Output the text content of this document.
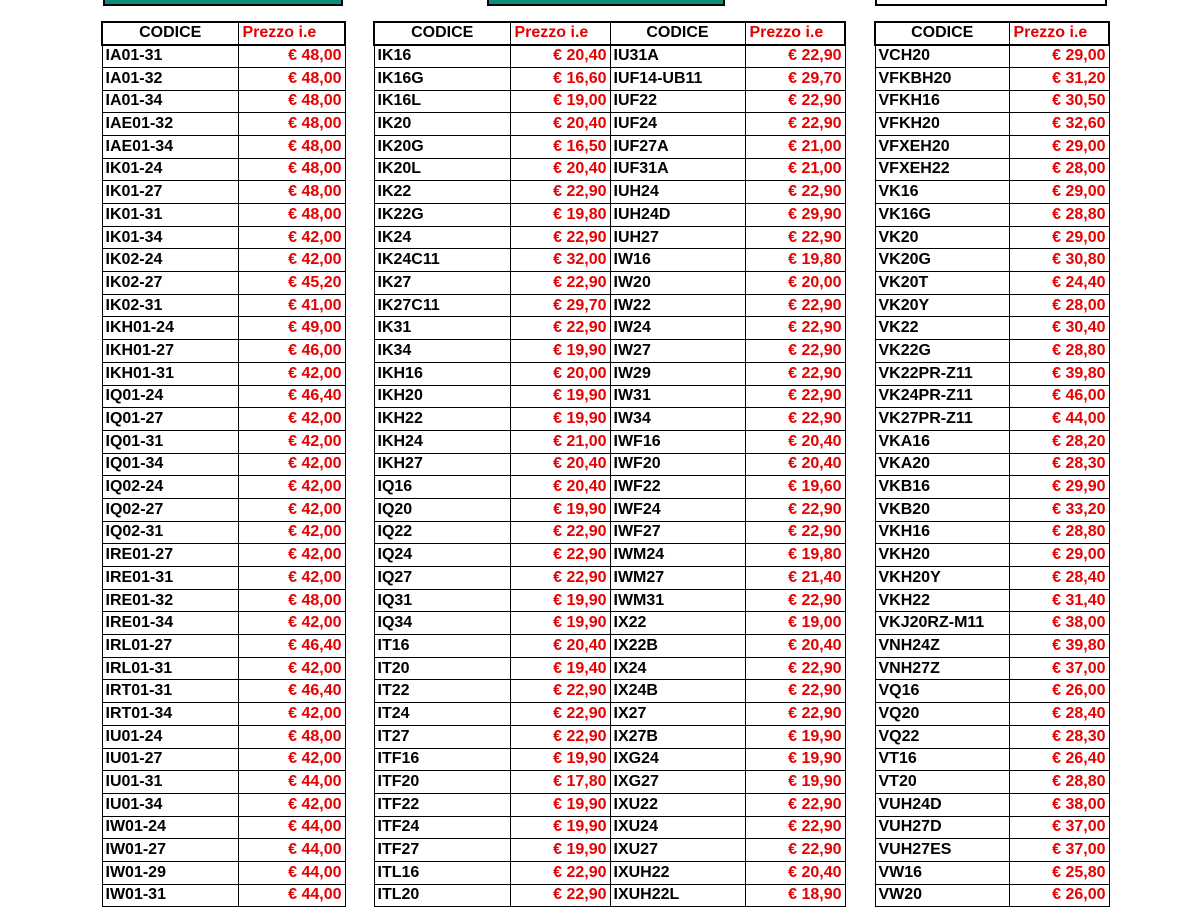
CODICE	Prezzo i.e
IA01-31	€ 48,00
IA01-32	€ 48,00
IA01-34	€ 48,00
IAE01-32	€ 48,00
IAE01-34	€ 48,00
IK01-24	€ 48,00
IK01-27	€ 48,00
IK01-31	€ 48,00
IK01-34	€ 42,00
IK02-24	€ 42,00
IK02-27	€ 45,20
IK02-31	€ 41,00
IKH01-24	€ 49,00
IKH01-27	€ 46,00
IKH01-31	€ 42,00
IQ01-24	€ 46,40
IQ01-27	€ 42,00
IQ01-31	€ 42,00
IQ01-34	€ 42,00
IQ02-24	€ 42,00
IQ02-27	€ 42,00
IQ02-31	€ 42,00
IRE01-27	€ 42,00
IRE01-31	€ 42,00
IRE01-32	€ 48,00
IRE01-34	€ 42,00
IRL01-27	€ 46,40
IRL01-31	€ 42,00
IRT01-31	€ 46,40
IRT01-34	€ 42,00
IU01-24	€ 48,00
IU01-27	€ 42,00
IU01-31	€ 44,00
IU01-34	€ 42,00
IW01-24	€ 44,00
IW01-27	€ 44,00
IW01-29	€ 44,00
IW01-31	€ 44,00
CODICE	Prezzo i.e	CODICE	Prezzo i.e
IK16	€ 20,40	IU31A	€ 22,90
IK16G	€ 16,60	IUF14-UB11	€ 29,70
IK16L	€ 19,00	IUF22	€ 22,90
IK20	€ 20,40	IUF24	€ 22,90
IK20G	€ 16,50	IUF27A	€ 21,00
IK20L	€ 20,40	IUF31A	€ 21,00
IK22	€ 22,90	IUH24	€ 22,90
IK22G	€ 19,80	IUH24D	€ 29,90
IK24	€ 22,90	IUH27	€ 22,90
IK24C11	€ 32,00	IW16	€ 19,80
IK27	€ 22,90	IW20	€ 20,00
IK27C11	€ 29,70	IW22	€ 22,90
IK31	€ 22,90	IW24	€ 22,90
IK34	€ 19,90	IW27	€ 22,90
IKH16	€ 20,00	IW29	€ 22,90
IKH20	€ 19,90	IW31	€ 22,90
IKH22	€ 19,90	IW34	€ 22,90
IKH24	€ 21,00	IWF16	€ 20,40
IKH27	€ 20,40	IWF20	€ 20,40
IQ16	€ 20,40	IWF22	€ 19,60
IQ20	€ 19,90	IWF24	€ 22,90
IQ22	€ 22,90	IWF27	€ 22,90
IQ24	€ 22,90	IWM24	€ 19,80
IQ27	€ 22,90	IWM27	€ 21,40
IQ31	€ 19,90	IWM31	€ 22,90
IQ34	€ 19,90	IX22	€ 19,00
IT16	€ 20,40	IX22B	€ 20,40
IT20	€ 19,40	IX24	€ 22,90
IT22	€ 22,90	IX24B	€ 22,90
IT24	€ 22,90	IX27	€ 22,90
IT27	€ 22,90	IX27B	€ 19,90
ITF16	€ 19,90	IXG24	€ 19,90
ITF20	€ 17,80	IXG27	€ 19,90
ITF22	€ 19,90	IXU22	€ 22,90
ITF24	€ 19,90	IXU24	€ 22,90
ITF27	€ 19,90	IXU27	€ 22,90
ITL16	€ 22,90	IXUH22	€ 20,40
ITL20	€ 22,90	IXUH22L	€ 18,90
CODICE	Prezzo i.e
VCH20	€ 29,00
VFKBH20	€ 31,20
VFKH16	€ 30,50
VFKH20	€ 32,60
VFXEH20	€ 29,00
VFXEH22	€ 28,00
VK16	€ 29,00
VK16G	€ 28,80
VK20	€ 29,00
VK20G	€ 30,80
VK20T	€ 24,40
VK20Y	€ 28,00
VK22	€ 30,40
VK22G	€ 28,80
VK22PR-Z11	€ 39,80
VK24PR-Z11	€ 46,00
VK27PR-Z11	€ 44,00
VKA16	€ 28,20
VKA20	€ 28,30
VKB16	€ 29,90
VKB20	€ 33,20
VKH16	€ 28,80
VKH20	€ 29,00
VKH20Y	€ 28,40
VKH22	€ 31,40
VKJ20RZ-M11	€ 38,00
VNH24Z	€ 39,80
VNH27Z	€ 37,00
VQ16	€ 26,00
VQ20	€ 28,40
VQ22	€ 28,30
VT16	€ 26,40
VT20	€ 28,80
VUH24D	€ 38,00
VUH27D	€ 37,00
VUH27ES	€ 37,00
VW16	€ 25,80
VW20	€ 26,00
